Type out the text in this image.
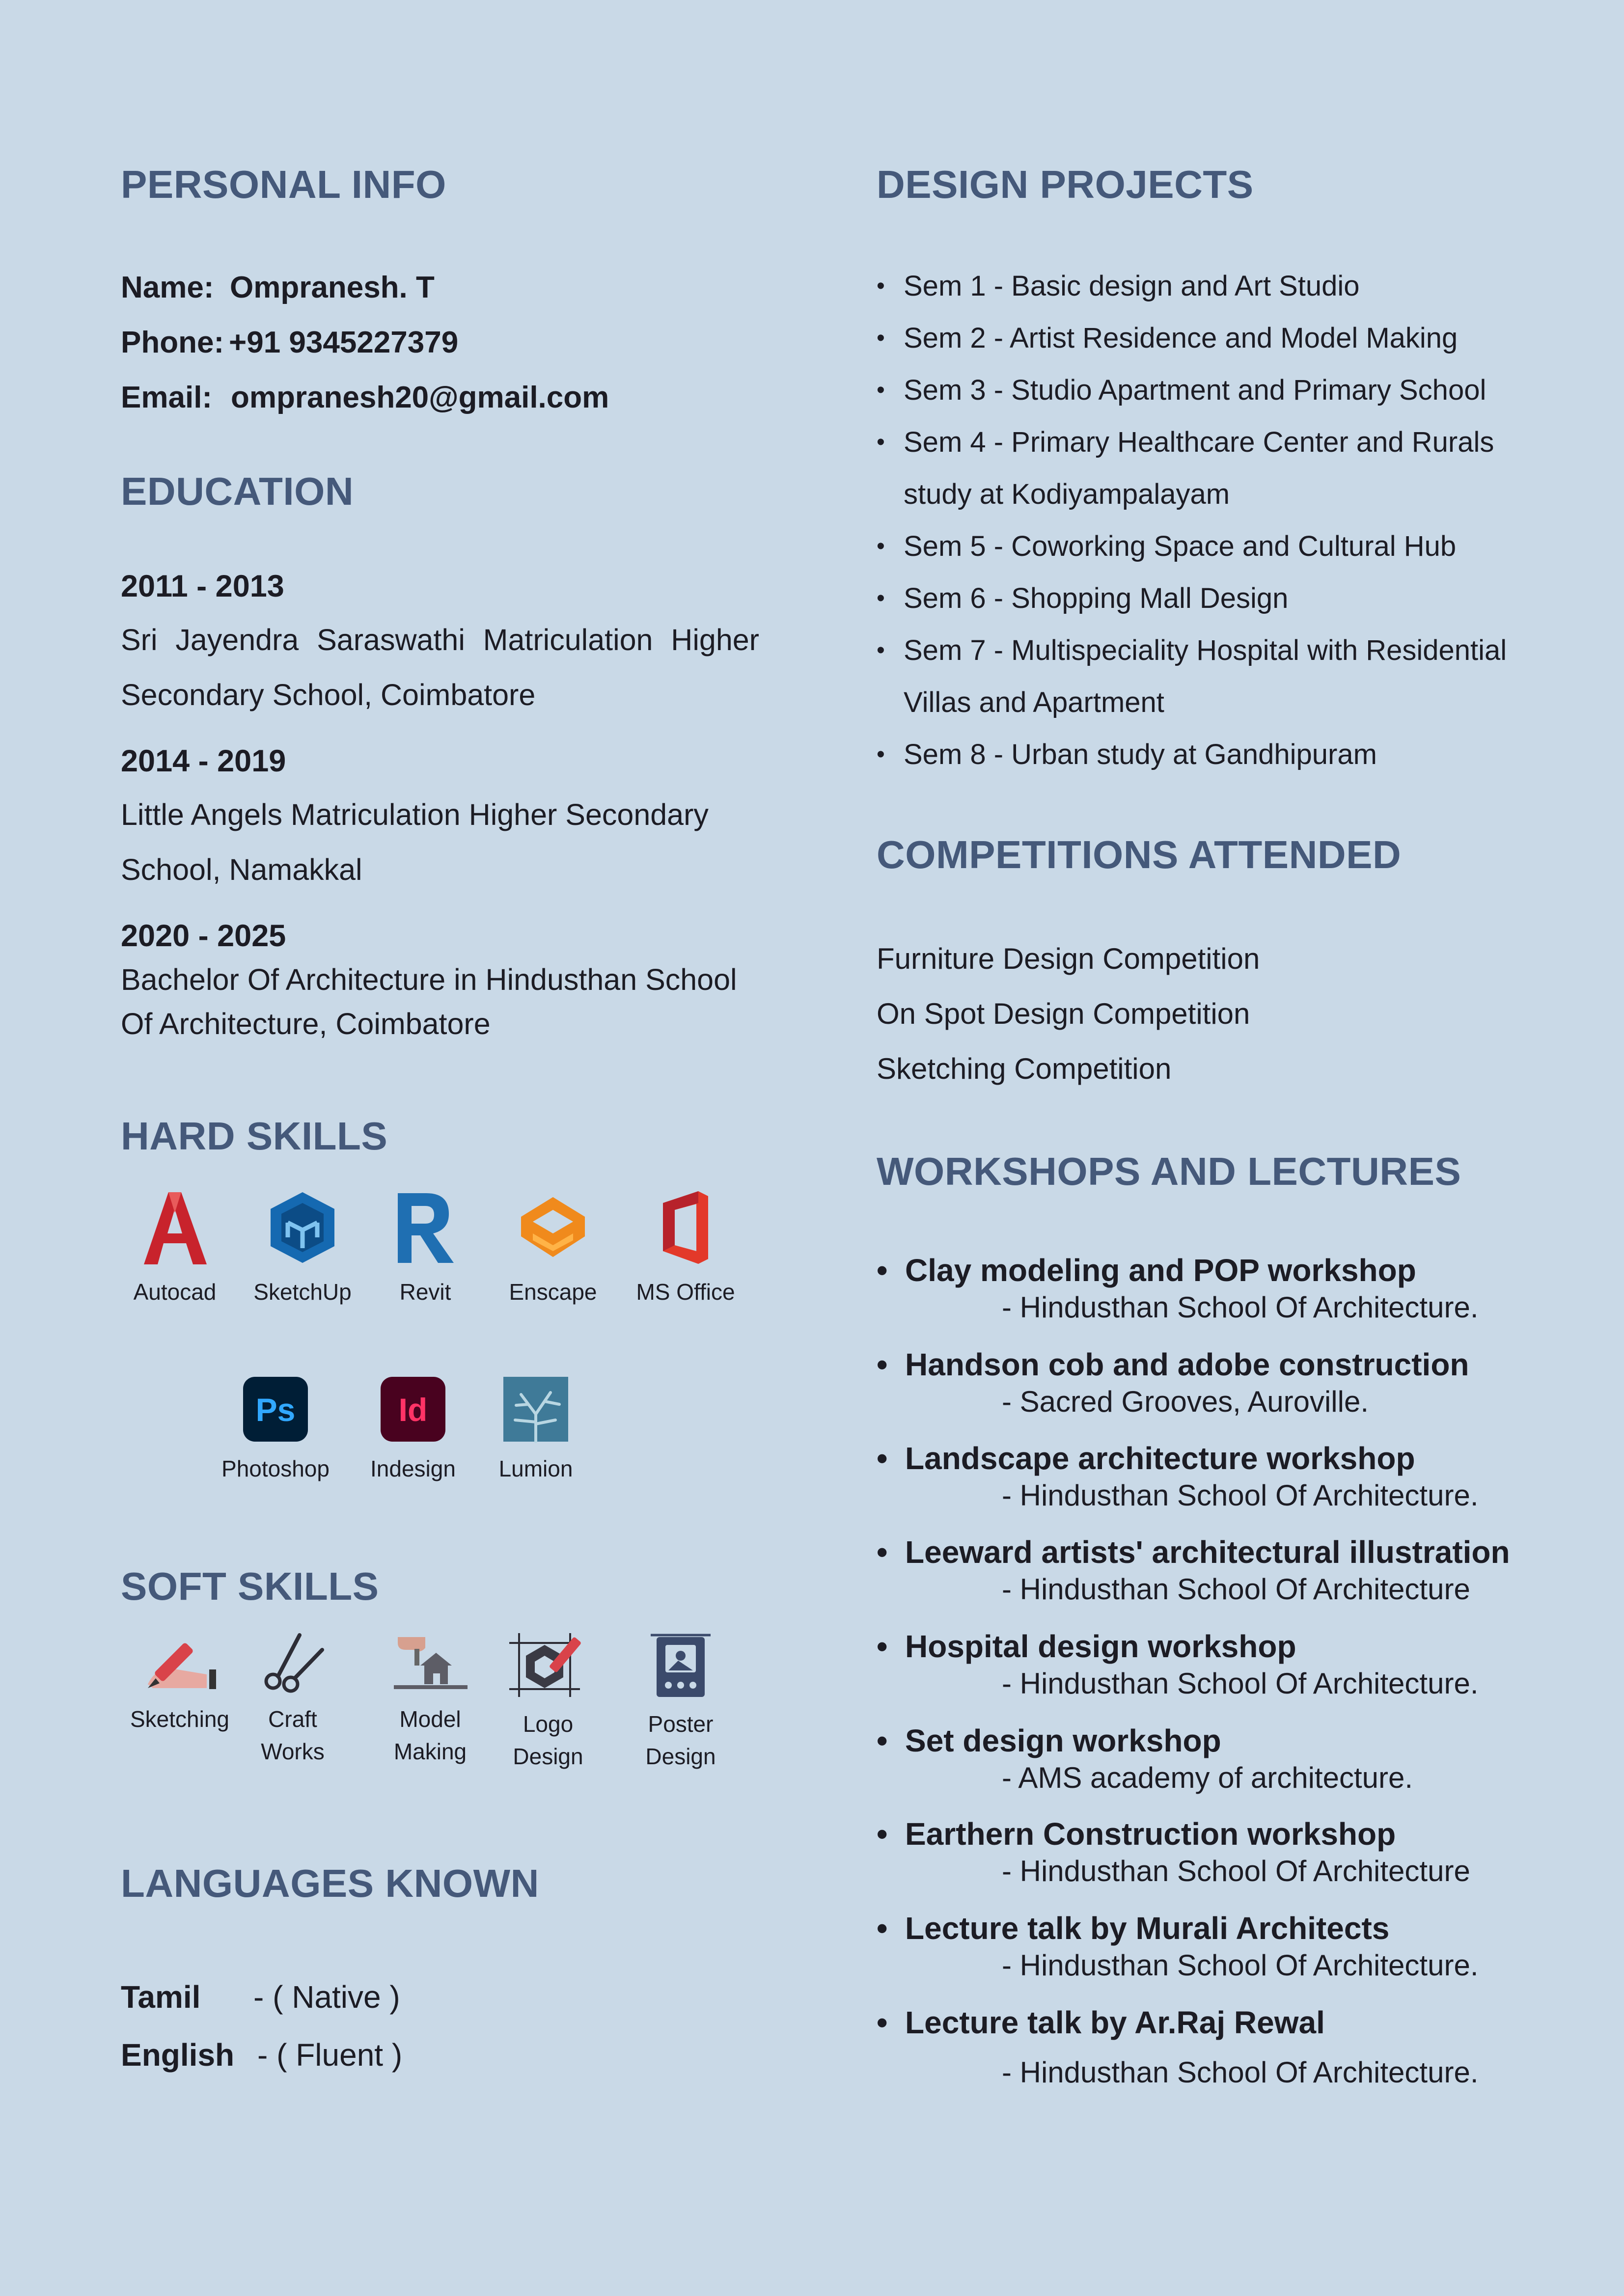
PERSONAL INFO
Name: Ompranesh. T
Phone: +91 9345227379
Email: ompranesh20@gmail.com
EDUCATION
2011 - 2013
Sri Jayendra Saraswathi Matriculation Higher
Secondary School, Coimbatore
2014 - 2019
Little Angels Matriculation Higher Secondary
School, Namakkal
2020 - 2025
Bachelor Of Architecture in Hindusthan School
Of Architecture, Coimbatore
HARD SKILLS
Autocad	SketchUp	Revit	Enscape	MS Office
Ps
Photoshop
Id
Indesign	Lumion
SOFT SKILLS
Sketching	Craft
Works
Model
Making
Logo
Design
Poster
Design
LANGUAGES KNOWN
Tamil - ( Native )
English - ( Fluent )
DESIGN PROJECTS
• Sem 1 - Basic design and Art Studio
• Sem 2 - Artist Residence and Model Making
• Sem 3 - Studio Apartment and Primary School
• Sem 4 - Primary Healthcare Center and Rurals study at Kodiyampalayam
• Sem 5 - Coworking Space and Cultural Hub
• Sem 6 - Shopping Mall Design
• Sem 7 - Multispeciality Hospital with Residential Villas and Apartment
• Sem 8 - Urban study at Gandhipuram
COMPETITIONS ATTENDED
Furniture Design Competition
On Spot Design Competition
Sketching Competition
WORKSHOPS AND LECTURES
• Clay modeling and POP workshop
- Hindusthan School Of Architecture.
• Handson cob and adobe construction
- Sacred Grooves, Auroville.
• Landscape architecture workshop
- Hindusthan School Of Architecture.
• Leeward artists' architectural illustration
- Hindusthan School Of Architecture
• Hospital design workshop
- Hindusthan School Of Architecture.
• Set design workshop
- AMS academy of architecture.
• Earthern Construction workshop
- Hindusthan School Of Architecture
• Lecture talk by Murali Architects
- Hindusthan School Of Architecture.
• Lecture talk by Ar.Raj Rewal
- Hindusthan School Of Architecture.
